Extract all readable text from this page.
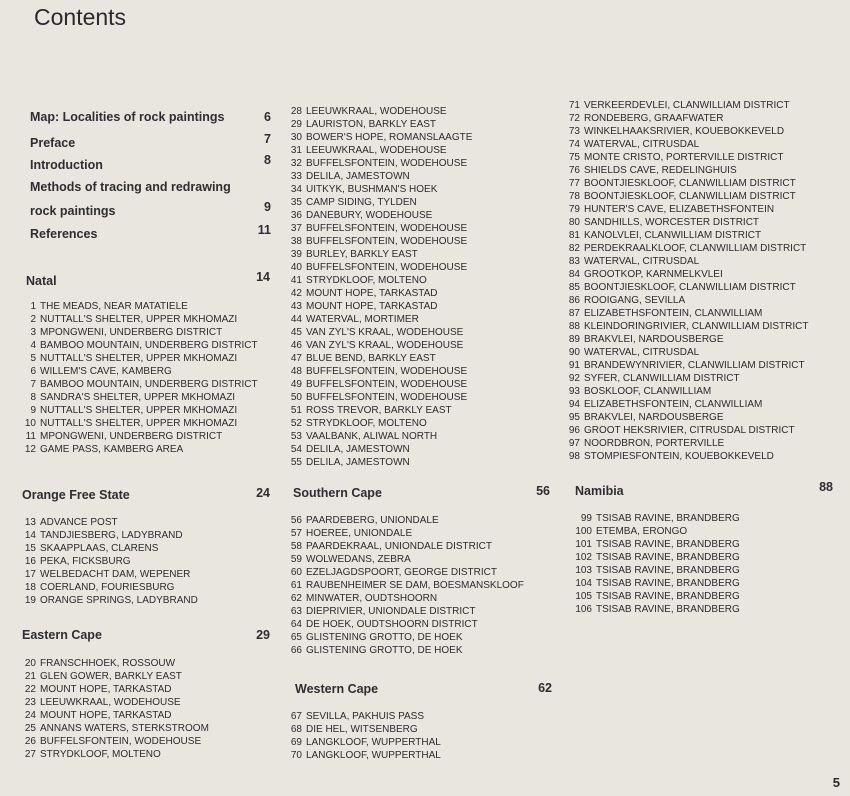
Contents
Map: Localities of rock paintings	6
Preface	7
Introduction	8
Methods of tracing and redrawing
rock paintings	9
References	11
Natal	14
1 THE MEADS, NEAR MATATIELE
2 NUTTALL'S SHELTER, UPPER MKHOMAZI
3 MPONGWENI, UNDERBERG DISTRICT
4 BAMBOO MOUNTAIN, UNDERBERG DISTRICT
5 NUTTALL'S SHELTER, UPPER MKHOMAZI
6 WILLEM'S CAVE, KAMBERG
7 BAMBOO MOUNTAIN, UNDERBERG DISTRICT
8 SANDRA'S SHELTER, UPPER MKHOMAZI
9 NUTTALL'S SHELTER, UPPER MKHOMAZI
10 NUTTALL'S SHELTER, UPPER MKHOMAZI
11 MPONGWENI, UNDERBERG DISTRICT
12 GAME PASS, KAMBERG AREA
Orange Free State	24
13 ADVANCE POST
14 TANDJIESBERG, LADYBRAND
15 SKAAPPLAAS, CLARENS
16 PEKA, FICKSBURG
17 WELBEDACHT DAM, WEPENER
18 COERLAND, FOURIESBURG
19 ORANGE SPRINGS, LADYBRAND
Eastern Cape	29
20 FRANSCHHOEK, ROSSOUW
21 GLEN GOWER, BARKLY EAST
22 MOUNT HOPE, TARKASTAD
23 LEEUWKRAAL, WODEHOUSE
24 MOUNT HOPE, TARKASTAD
25 ANNANS WATERS, STERKSTROOM
26 BUFFELSFONTEIN, WODEHOUSE
27 STRYDKLOOF, MOLTENO
28 LEEUWKRAAL, WODEHOUSE
29 LAURISTON, BARKLY EAST
30 BOWER'S HOPE, ROMANSLAAGTE
31 LEEUWKRAAL, WODEHOUSE
32 BUFFELSFONTEIN, WODEHOUSE
33 DELILA, JAMESTOWN
34 UITKYK, BUSHMAN'S HOEK
35 CAMP SIDING, TYLDEN
36 DANEBURY, WODEHOUSE
37 BUFFELSFONTEIN, WODEHOUSE
38 BUFFELSFONTEIN, WODEHOUSE
39 BURLEY, BARKLY EAST
40 BUFFELSFONTEIN, WODEHOUSE
41 STRYDKLOOF, MOLTENO
42 MOUNT HOPE, TARKASTAD
43 MOUNT HOPE, TARKASTAD
44 WATERVAL, MORTIMER
45 VAN ZYL'S KRAAL, WODEHOUSE
46 VAN ZYL'S KRAAL, WODEHOUSE
47 BLUE BEND, BARKLY EAST
48 BUFFELSFONTEIN, WODEHOUSE
49 BUFFELSFONTEIN, WODEHOUSE
50 BUFFELSFONTEIN, WODEHOUSE
51 ROSS TREVOR, BARKLY EAST
52 STRYDKLOOF, MOLTENO
53 VAALBANK, ALIWAL NORTH
54 DELILA, JAMESTOWN
55 DELILA, JAMESTOWN
Southern Cape	56
56 PAARDEBERG, UNIONDALE
57 HOEREE, UNIONDALE
58 PAARDEKRAAL, UNIONDALE DISTRICT
59 WOLWEDANS, ZEBRA
60 EZELJAGDSPOORT, GEORGE DISTRICT
61 RAUBENHEIMER SE DAM, BOESMANSKLOOF
62 MINWATER, OUDTSHOORN
63 DIEPRIVIER, UNIONDALE DISTRICT
64 DE HOEK, OUDTSHOORN DISTRICT
65 GLISTENING GROTTO, DE HOEK
66 GLISTENING GROTTO, DE HOEK
Western Cape	62
67 SEVILLA, PAKHUIS PASS
68 DIE HEL, WITSENBERG
69 LANGKLOOF, WUPPERTHAL
70 LANGKLOOF, WUPPERTHAL
71 VERKEERDEVLEI, CLANWILLIAM DISTRICT
72 RONDEBERG, GRAAFWATER
73 WINKELHAAKSRIVIER, KOUEBOKKEVELD
74 WATERVAL, CITRUSDAL
75 MONTE CRISTO, PORTERVILLE DISTRICT
76 SHIELDS CAVE, REDELINGHUIS
77 BOONTJIESKLOOF, CLANWILLIAM DISTRICT
78 BOONTJIESKLOOF, CLANWILLIAM DISTRICT
79 HUNTER'S CAVE, ELIZABETHSFONTEIN
80 SANDHILLS, WORCESTER DISTRICT
81 KANOLVLEI, CLANWILLIAM DISTRICT
82 PERDEKRAALKLOOF, CLANWILLIAM DISTRICT
83 WATERVAL, CITRUSDAL
84 GROOTKOP, KARNMELKVLEI
85 BOONTJIESKLOOF, CLANWILLIAM DISTRICT
86 ROOIGANG, SEVILLA
87 ELIZABETHSFONTEIN, CLANWILLIAM
88 KLEINDORINGRIVIER, CLANWILLIAM DISTRICT
89 BRAKVLEI, NARDOUSBERGE
90 WATERVAL, CITRUSDAL
91 BRANDEWYNRIVIER, CLANWILLIAM DISTRICT
92 SYFER, CLANWILLIAM DISTRICT
93 BOSKLOOF, CLANWILLIAM
94 ELIZABETHSFONTEIN, CLANWILLIAM
95 BRAKVLEI, NARDOUSBERGE
96 GROOT HEKSRIVIER, CITRUSDAL DISTRICT
97 NOORDBRON, PORTERVILLE
98 STOMPIESFONTEIN, KOUEBOKKEVELD
Namibia	88
99 TSISAB RAVINE, BRANDBERG
100 ETEMBA, ERONGO
101 TSISAB RAVINE, BRANDBERG
102 TSISAB RAVINE, BRANDBERG
103 TSISAB RAVINE, BRANDBERG
104 TSISAB RAVINE, BRANDBERG
105 TSISAB RAVINE, BRANDBERG
106 TSISAB RAVINE, BRANDBERG
5
